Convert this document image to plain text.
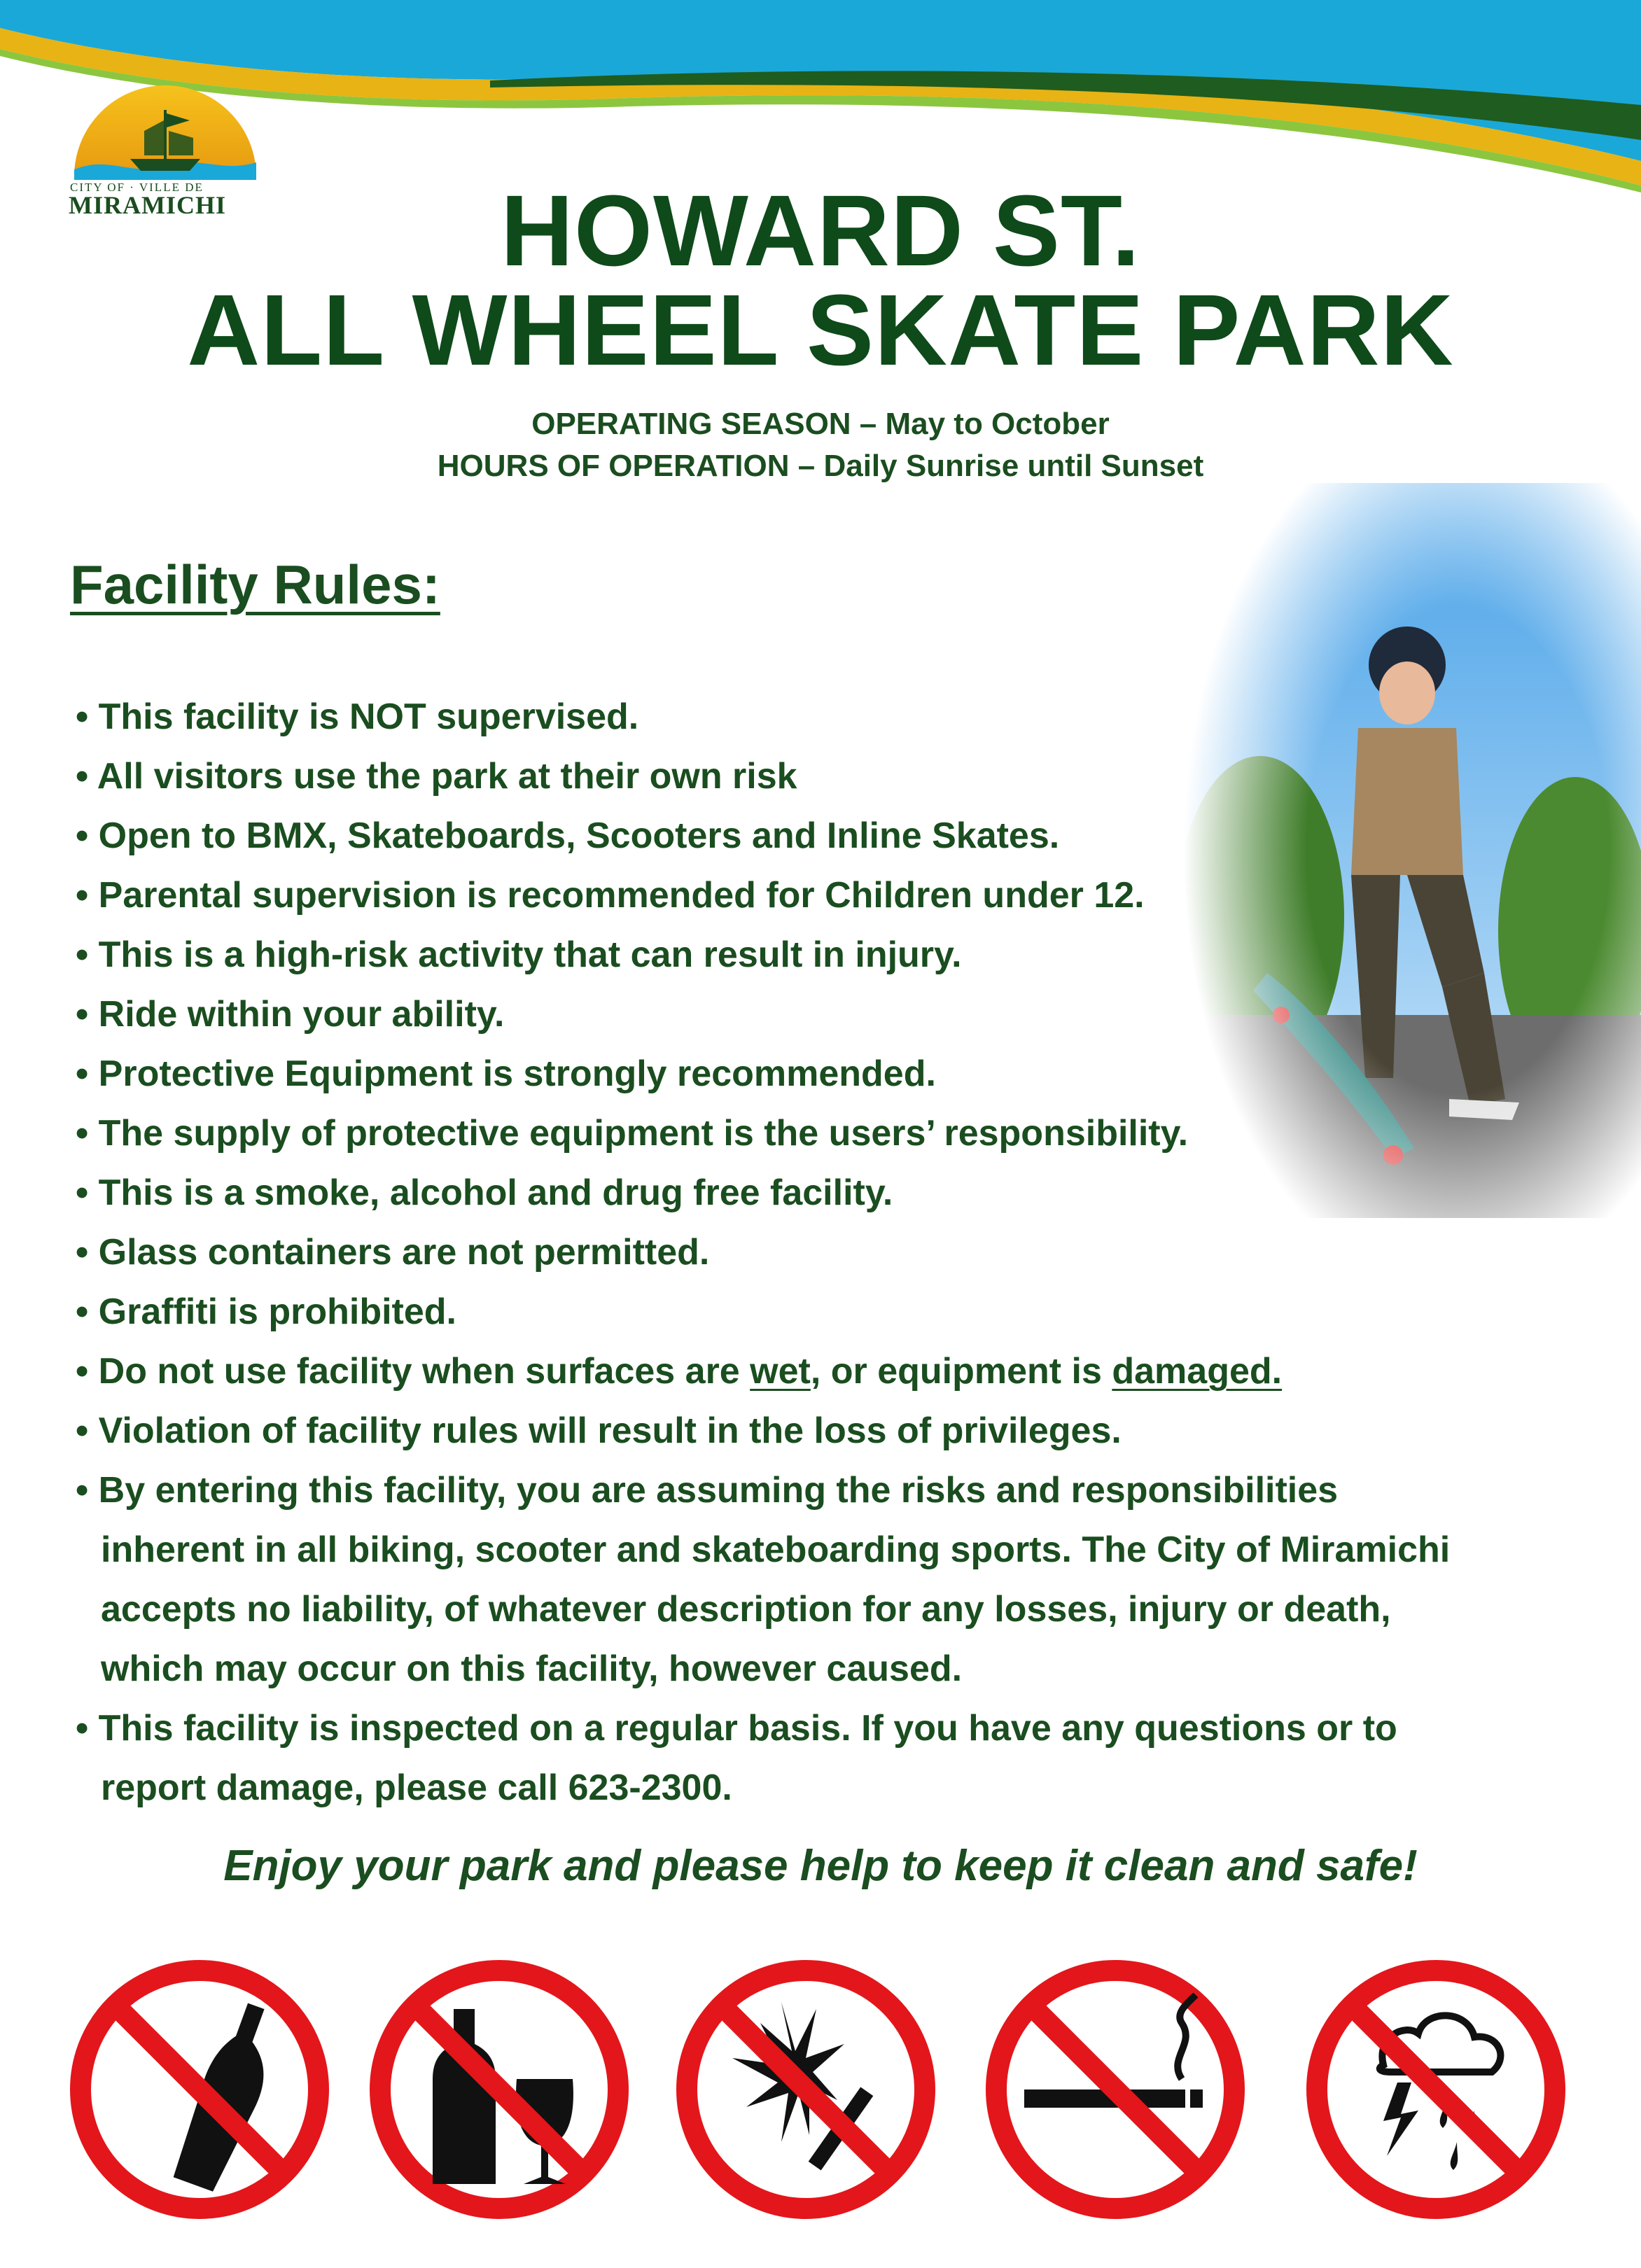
CITY OF · VILLE DE
MIRAMICHI	HOWARD ST.
ALL WHEEL SKATE PARK
OPERATING SEASON – May to October
HOURS OF OPERATION – Daily Sunrise until Sunset
Facility Rules:
• This facility is NOT supervised.
• All visitors use the park at their own risk
• Open to BMX, Skateboards, Scooters and Inline Skates.
• Parental supervision is recommended for Children under 12.
• This is a high-risk activity that can result in injury.
• Ride within your ability.
• Protective Equipment is strongly recommended.
• The supply of protective equipment is the users’ responsibility.
• This is a smoke, alcohol and drug free facility.
• Glass containers are not permitted.
• Graffiti is prohibited.
• Do not use facility when surfaces are wet, or equipment is damaged.
• Violation of facility rules will result in the loss of privileges.
• By entering this facility, you are assuming the risks and responsibilities
inherent in all biking, scooter and skateboarding sports. The City of Miramichi
accepts no liability, of whatever description for any losses, injury or death,
which may occur on this facility, however caused.
• This facility is inspected on a regular basis. If you have any questions or to
report damage, please call 623-2300.
Enjoy your park and please help to keep it clean and safe!
